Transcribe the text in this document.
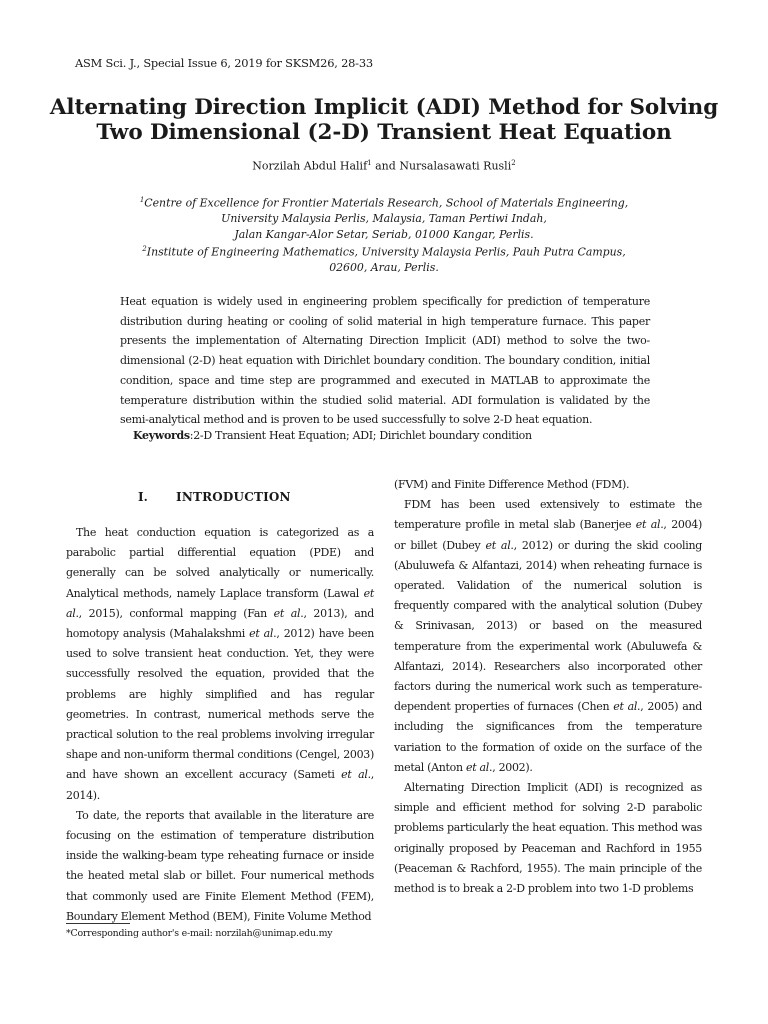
ASM Sci. J., Special Issue 6, 2019 for SKSM26, 28-33
Alternating Direction Implicit (ADI) Method for Solving
Two Dimensional (2-D) Transient Heat Equation
Norzilah Abdul Halif$^1$ and Nursalasawati Rusli$^2$
$^1$Centre of Excellence for Frontier Materials Research, School of Materials Engineering,
University Malaysia Perlis, Malaysia, Taman Pertiwi Indah,
Jalan Kangar-Alor Setar, Seriab, 01000 Kangar, Perlis.
$^2$Institute of Engineering Mathematics, University Malaysia Perlis, Pauh Putra Campus,
02600, Arau, Perlis.

Heat equation is widely used in engineering problem specifically for prediction of temperature distribution during heating or cooling of solid material in high temperature furnace. This paper presents the implementation of Alternating Direction Implicit (ADI) method to solve the two-dimensional (2-D) heat equation with Dirichlet boundary condition. The boundary condition, initial condition, space and time step are programmed and executed in MATLAB to approximate the temperature distribution within the studied solid material. ADI formulation is validated by the semi-analytical method and is proven to be used successfully to solve 2-D heat equation.

Keywords:2-D Transient Heat Equation; ADI; Dirichlet boundary condition
I. INTRODUCTION

The heat conduction equation is categorized as a parabolic partial differential equation (PDE) and generally can be solved analytically or numerically. Analytical methods, namely Laplace transform (Lawal et al., 2015), conformal mapping (Fan et al., 2013), and homotopy analysis (Mahalakshmi et al., 2012) have been used to solve transient heat conduction. Yet, they were successfully resolved the equation, provided that the problems are highly simplified and has regular geometries. In contrast, numerical methods serve the practical solution to the real problems involving irregular shape and non-uniform thermal conditions (Cengel, 2003) and have shown an excellent accuracy (Sameti et al., 2014).

To date, the reports that available in the literature are focusing on the estimation of temperature distribution inside the walking-beam type reheating furnace or inside the heated metal slab or billet. Four numerical methods that commonly used are Finite Element Method (FEM), Boundary Element Method (BEM), Finite Volume Method

(FVM) and Finite Difference Method (FDM).

FDM has been used extensively to estimate the temperature profile in metal slab (Banerjee et al., 2004) or billet (Dubey et al., 2012) or during the skid cooling (Abuluwefa & Alfantazi, 2014) when reheating furnace is operated. Validation of the numerical solution is frequently compared with the analytical solution (Dubey & Srinivasan, 2013) or based on the measured temperature from the experimental work (Abuluwefa & Alfantazi, 2014). Researchers also incorporated other factors during the numerical work such as temperature-dependent properties of furnaces (Chen et al., 2005) and including the significances from the temperature variation to the formation of oxide on the surface of the metal (Anton et al., 2002).

Alternating Direction Implicit (ADI) is recognized as simple and efficient method for solving 2-D parabolic problems particularly the heat equation. This method was originally proposed by Peaceman and Rachford in 1955 (Peaceman & Rachford, 1955). The main principle of the method is to break a 2-D problem into two 1-D problems

*Corresponding author's e-mail: norzilah@unimap.edu.my
